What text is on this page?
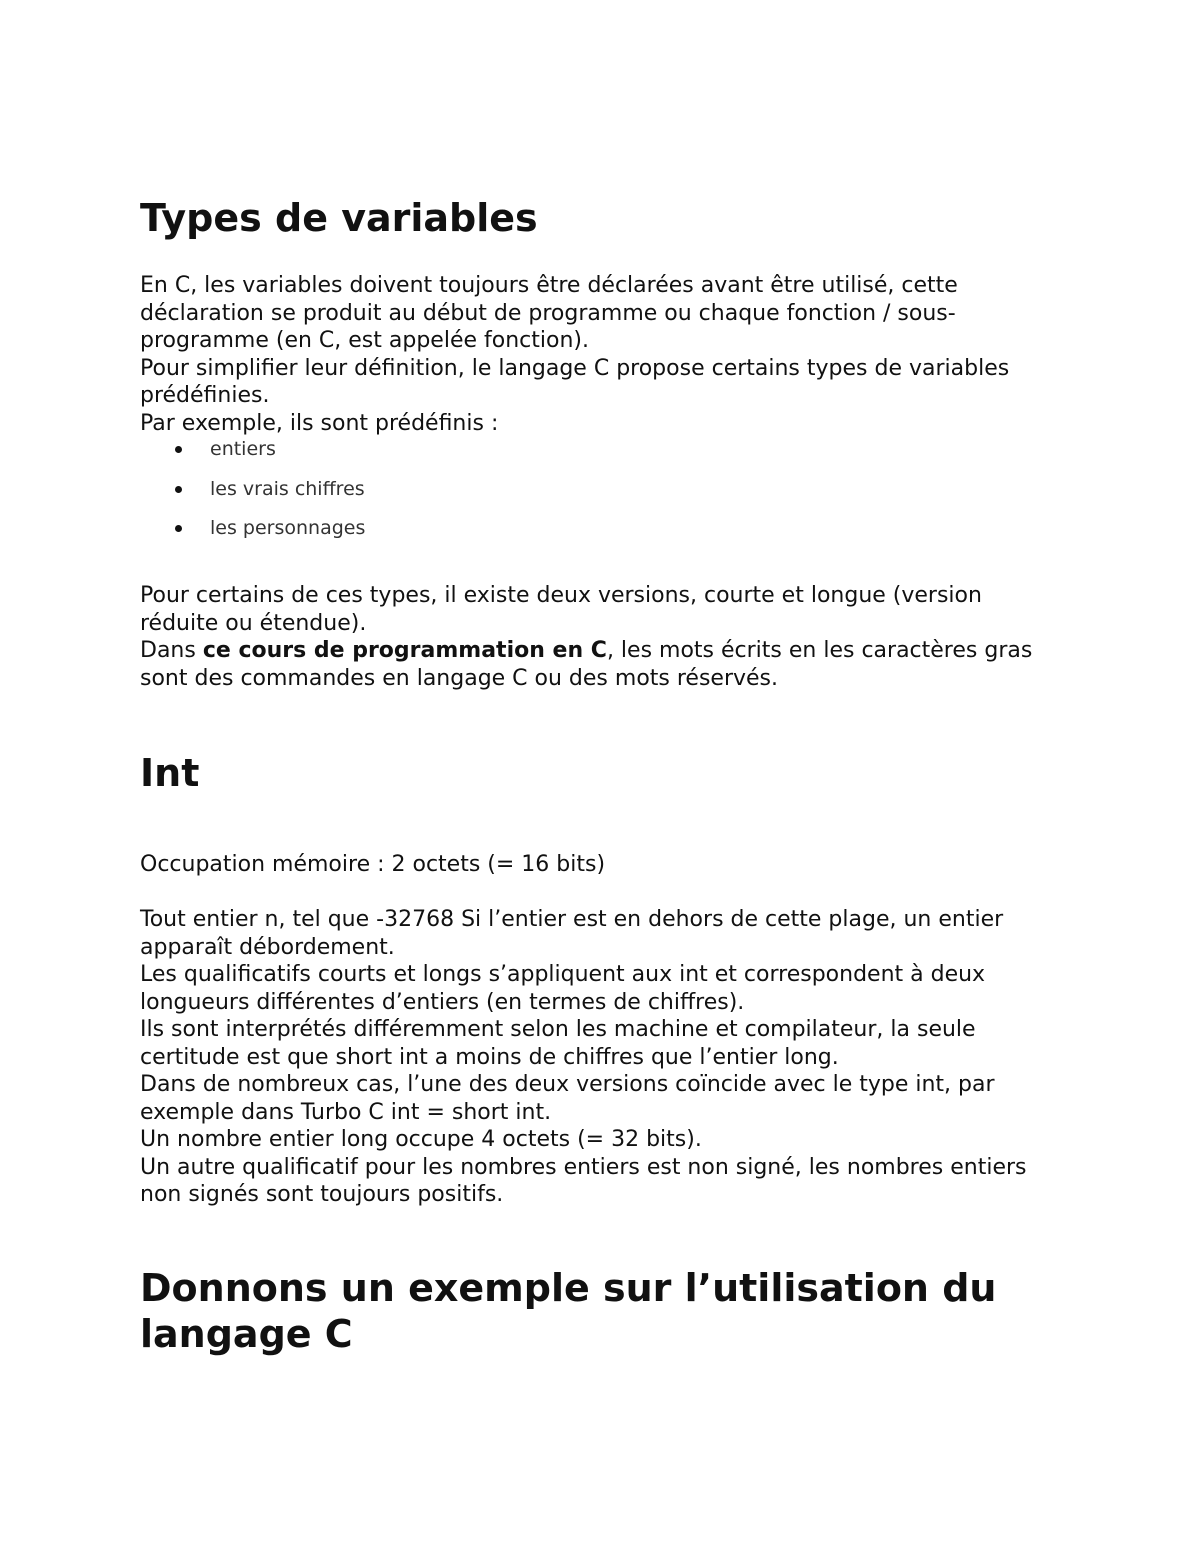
Types de variables

En C, les variables doivent toujours être déclarées avant être utilisé, cette déclaration se produit au début de programme ou chaque fonction / sous-programme (en C, est appelée fonction).

Pour simplifier leur définition, le langage C propose certains types de variables prédéfinies.

Par exemple, ils sont prédéfinis :

entiers
les vrais chiffres
les personnages

Pour certains de ces types, il existe deux versions, courte et longue (version réduite ou étendue).

Dans ce cours de programmation en C, les mots écrits en les caractères gras sont des commandes en langage C ou des mots réservés.

Int

Occupation mémoire : 2 octets (= 16 bits)

Tout entier n, tel que -32768 Si l’entier est en dehors de cette plage, un entier apparaît débordement.

Les qualificatifs courts et longs s’appliquent aux int et correspondent à deux longueurs différentes d’entiers (en termes de chiffres).

Ils sont interprétés différemment selon les machine et compilateur, la seule certitude est que short int a moins de chiffres que l’entier long.

Dans de nombreux cas, l’une des deux versions coïncide avec le type int, par exemple dans Turbo C int = short int.

Un nombre entier long occupe 4 octets (= 32 bits).

Un autre qualificatif pour les nombres entiers est non signé, les nombres entiers non signés sont toujours positifs.

Donnons un exemple sur l’utilisation du langage C
